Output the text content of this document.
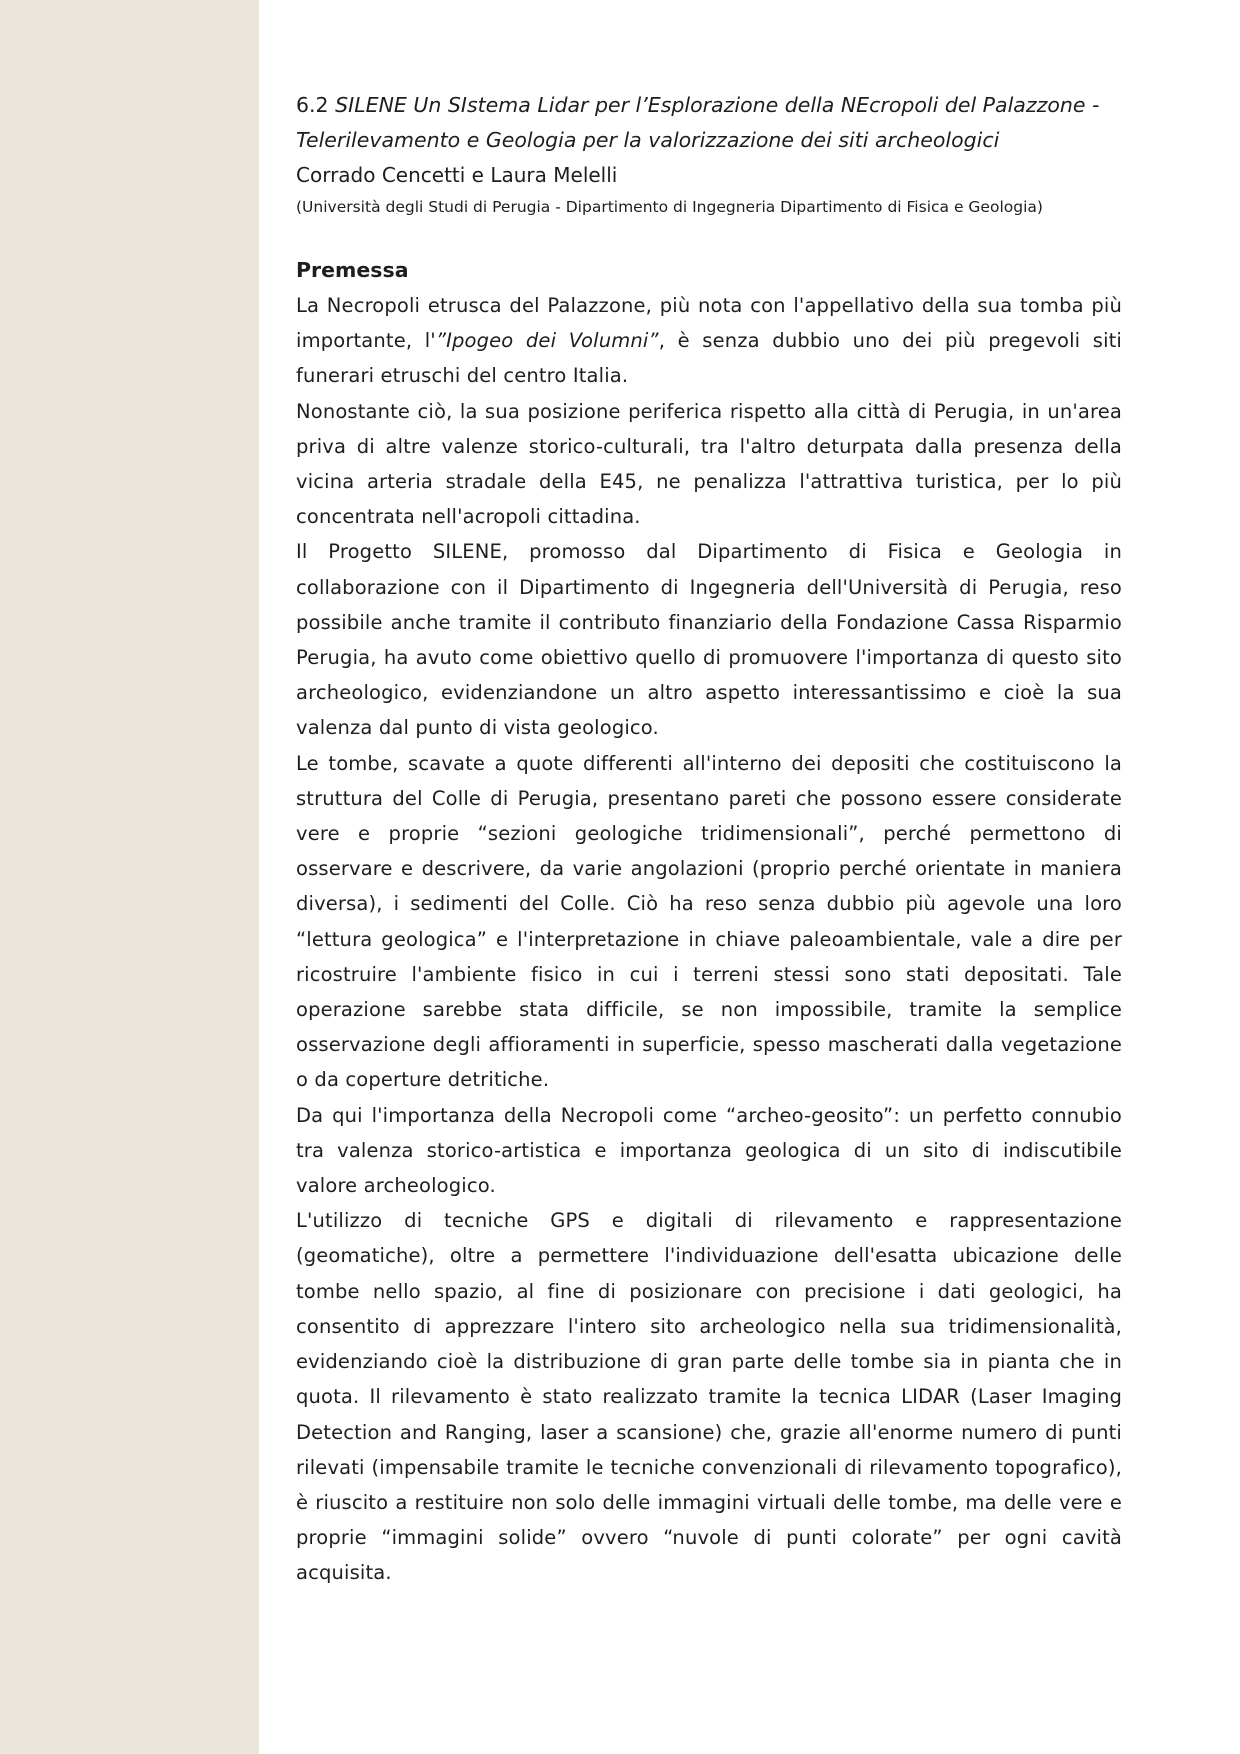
6.2 SILENE Un SIstema Lidar per l’Esplorazione della NEcropoli del Palazzone - Telerilevamento e Geologia per la valorizzazione dei siti archeologici

Corrado Cencetti e Laura Melelli

(Università degli Studi di Perugia - Dipartimento di Ingegneria Dipartimento di Fisica e Geologia)

Premessa

La Necropoli etrusca del Palazzone, più nota con l'appellativo della sua tomba più importante, l'”Ipogeo dei Volumni”, è senza dubbio uno dei più pregevoli siti funerari etruschi del centro Italia.

Nonostante ciò, la sua posizione periferica rispetto alla città di Perugia, in un'area priva di altre valenze storico-culturali, tra l'altro deturpata dalla presenza della vicina arteria stradale della E45, ne penalizza l'attrattiva turistica, per lo più concentrata nell'acropoli cittadina.

Il Progetto SILENE, promosso dal Dipartimento di Fisica e Geologia in collaborazione con il Dipartimento di Ingegneria dell'Università di Perugia, reso possibile anche tramite il contributo finanziario della Fondazione Cassa Risparmio Perugia, ha avuto come obiettivo quello di promuovere l'importanza di questo sito archeologico, evidenziandone un altro aspetto interessantissimo e cioè la sua valenza dal punto di vista geologico.

Le tombe, scavate a quote differenti all'interno dei depositi che costituiscono la struttura del Colle di Perugia, presentano pareti che possono essere considerate vere e proprie “sezioni geologiche tridimensionali”, perché permettono di osservare e descrivere, da varie angolazioni (proprio perché orientate in maniera diversa), i sedimenti del Colle. Ciò ha reso senza dubbio più agevole una loro “lettura geologica” e l'interpretazione in chiave paleoambientale, vale a dire per ricostruire l'ambiente fisico in cui i terreni stessi sono stati depositati. Tale operazione sarebbe stata difficile, se non impossibile, tramite la semplice osservazione degli affioramenti in superficie, spesso mascherati dalla vegetazione o da coperture detritiche.

Da qui l'importanza della Necropoli come “archeo-geosito”: un perfetto connubio tra valenza storico-artistica e importanza geologica di un sito di indiscutibile valore archeologico.

L'utilizzo di tecniche GPS e digitali di rilevamento e rappresentazione (geomatiche), oltre a permettere l'individuazione dell'esatta ubicazione delle tombe nello spazio, al fine di posizionare con precisione i dati geologici, ha consentito di apprezzare l'intero sito archeologico nella sua tridimensionalità, evidenziando cioè la distribuzione di gran parte delle tombe sia in pianta che in quota. Il rilevamento è stato realizzato tramite la tecnica LIDAR (Laser Imaging Detection and Ranging, laser a scansione) che, grazie all'enorme numero di punti rilevati (impensabile tramite le tecniche convenzionali di rilevamento topografico), è riuscito a restituire non solo delle immagini virtuali delle tombe, ma delle vere e proprie “immagini solide” ovvero “nuvole di punti colorate” per ogni cavità acquisita.
